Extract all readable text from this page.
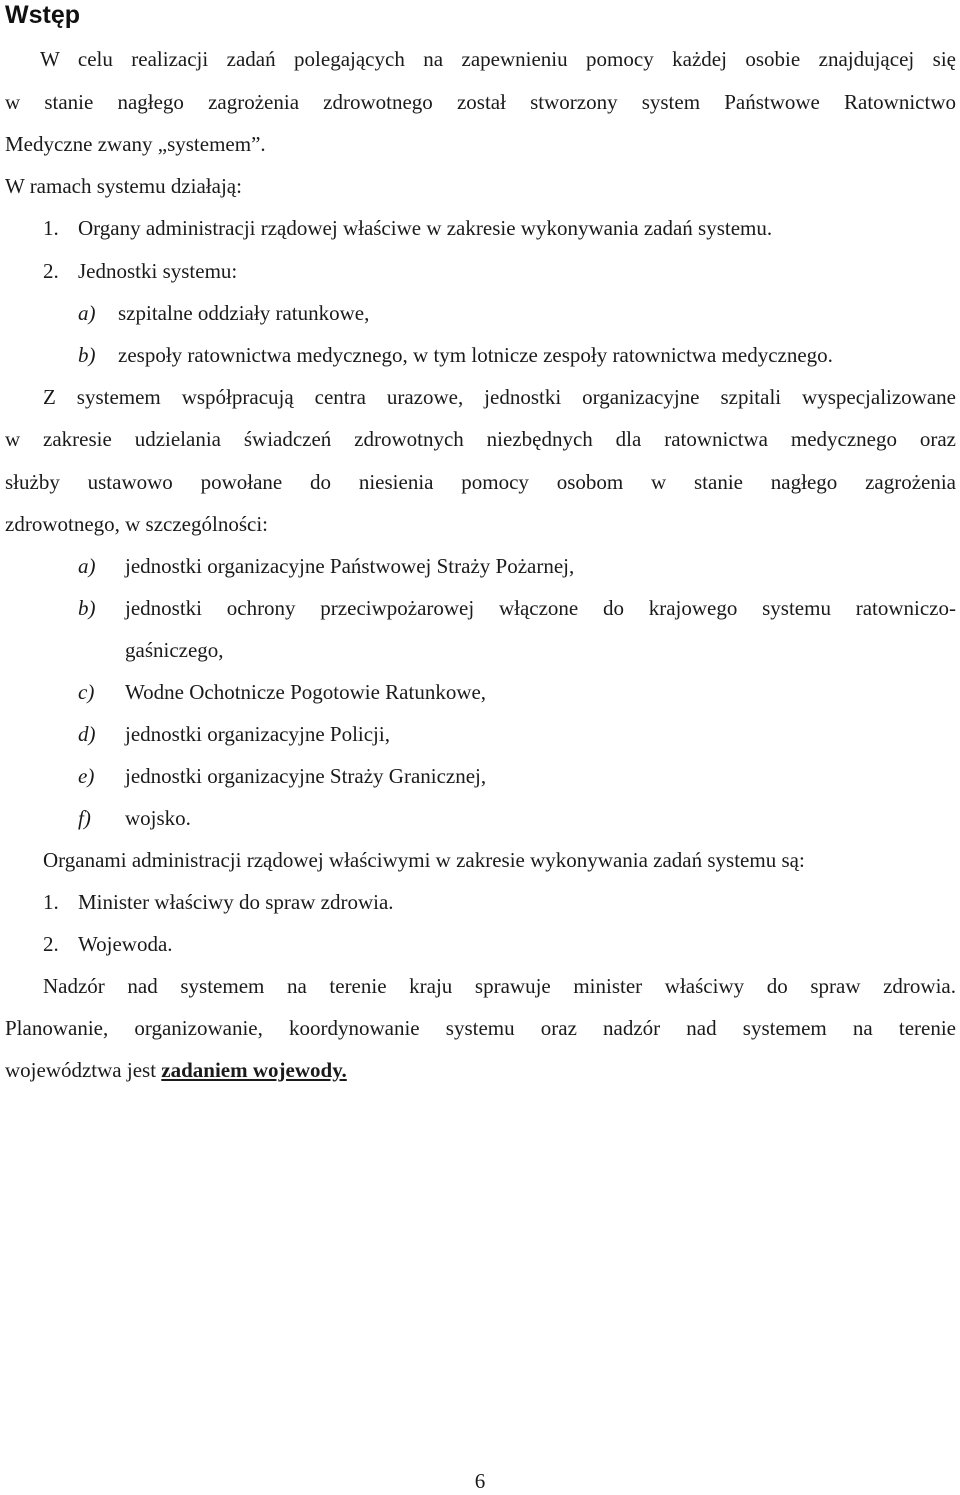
Wstęp
W celu realizacji zadań polegających na zapewnieniu pomocy każdej osobie znajdującej się
w stanie nagłego zagrożenia zdrowotnego został stworzony system Państwowe Ratownictwo
Medyczne zwany „systemem”.
W ramach systemu działają:
1. Organy administracji rządowej właściwe w zakresie wykonywania zadań systemu.
2. Jednostki systemu:
a) szpitalne oddziały ratunkowe,
b) zespoły ratownictwa medycznego, w tym lotnicze zespoły ratownictwa medycznego.
Z systemem współpracują centra urazowe, jednostki organizacyjne szpitali wyspecjalizowane
w zakresie udzielania świadczeń zdrowotnych niezbędnych dla ratownictwa medycznego oraz
służby ustawowo powołane do niesienia pomocy osobom w stanie nagłego zagrożenia
zdrowotnego, w szczególności:
a) jednostki organizacyjne Państwowej Straży Pożarnej,
b) jednostki ochrony przeciwpożarowej włączone do krajowego systemu ratowniczo-
gaśniczego,
c) Wodne Ochotnicze Pogotowie Ratunkowe,
d) jednostki organizacyjne Policji,
e) jednostki organizacyjne Straży Granicznej,
f) wojsko.
Organami administracji rządowej właściwymi w zakresie wykonywania zadań systemu są:
1. Minister właściwy do spraw zdrowia.
2. Wojewoda.
Nadzór nad systemem na terenie kraju sprawuje minister właściwy do spraw zdrowia.
Planowanie, organizowanie, koordynowanie systemu oraz nadzór nad systemem na terenie
województwa jest zadaniem wojewody.
6
